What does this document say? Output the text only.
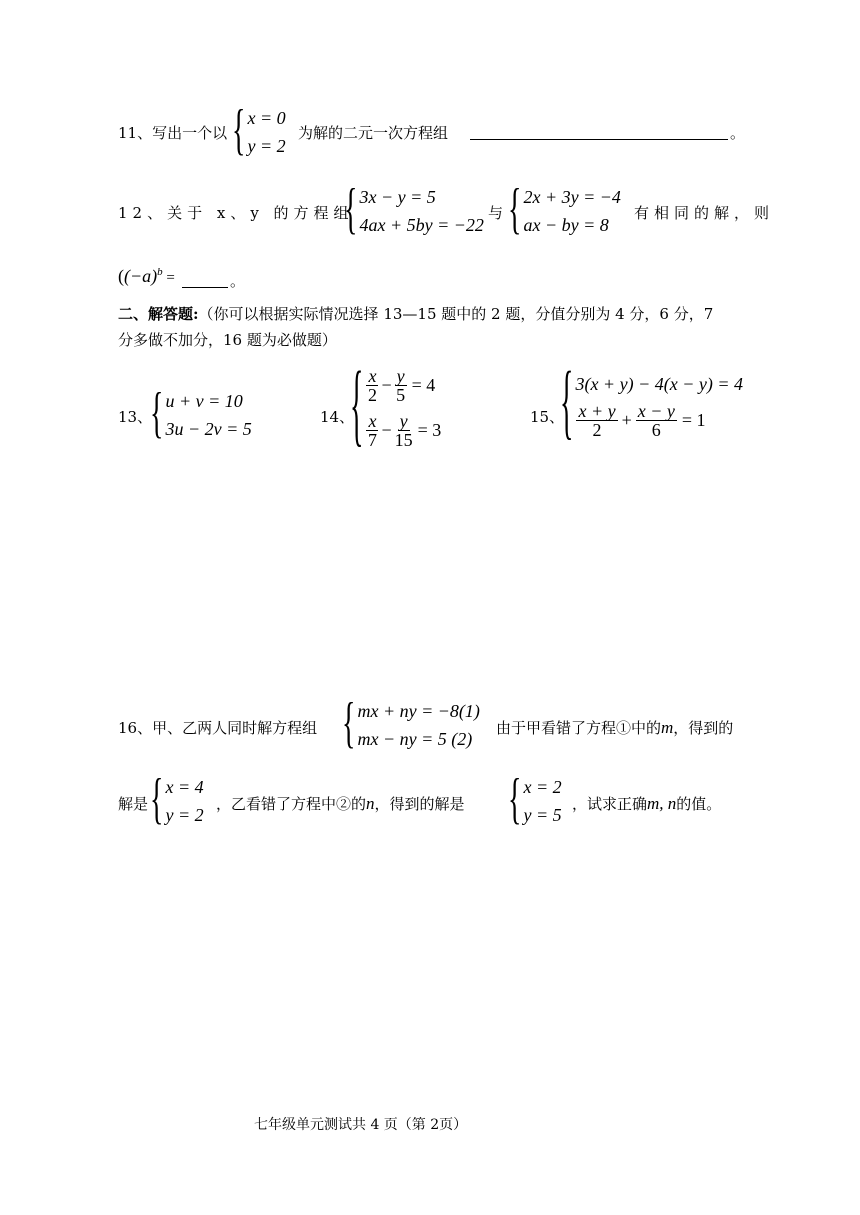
11、写出一个以 { x = 0
y = 2
为解的二元一次方程组	。
12、关于 x、y 的方程组
{ 3x − y = 5
4ax + 5by = −22
与 { 2x + 3y = −4
ax − by = 8
有相同的解，则
($(-a)^b$ =	。
二、解答题:（你可以根据实际情况选择 13—15 题中的 2 题，分值分别为 4 分，6 分，7
分多做不加分，16 题为必做题）
13、
{ u + v = 10
3u − 2v = 5
14、
{ $\frac{x}{2} - \frac{y}{5} = 4$
$\frac{x}{7} - \frac{y}{15} = 3$
15、
{ 3(x + y) − 4(x − y) = 4
$\frac{x + y}{2} + \frac{x - y}{6} = 1$
16、甲、乙两人同时解方程组 { mx + ny = −8(1)
mx − ny = 5 (2)
由于甲看错了方程①中的m，得到的
解是 { x = 4
y = 2
，乙看错了方程中②的n，得到的解是 { x = 2
y = 5
，试求正确m, n的值。
七年级单元测试共 4 页（第 2页）
